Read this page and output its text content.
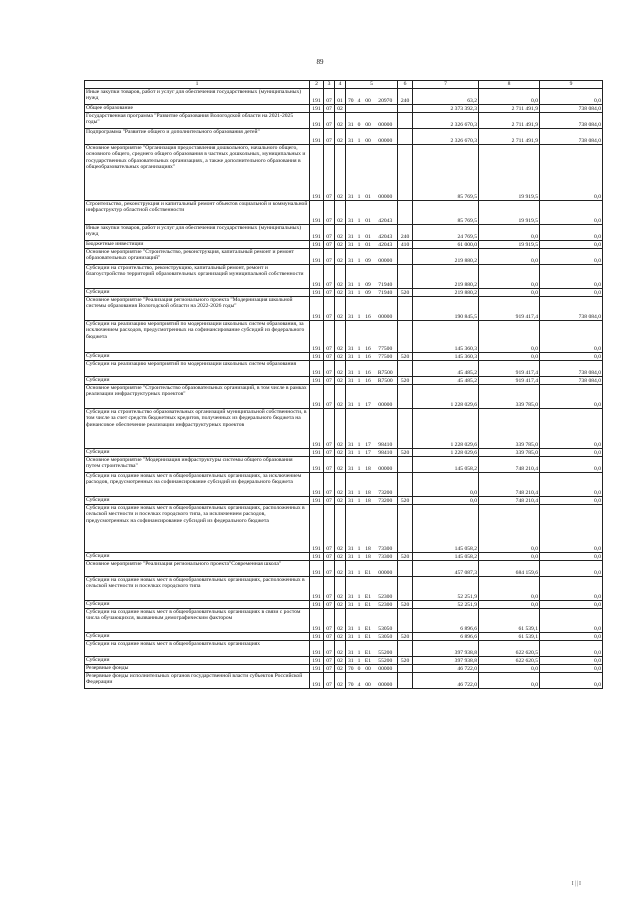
89
1	2	3	4	5				6	7	8	9
Иные закупки товаров, работ и услуг для обеспечения государственных (муниципальных) нужд	191	07	01	70	4	00	20970	240	63,2	0,0	0,0
Общее образование	191	07	02						2 373 392,3	2 711 491,9	738 084,0
Государственная программа "Развитие образования Вологодской области на 2021-2025 годы"	191	07	02	31	0	00	00000		2 326 670,3	2 711 491,9	738 084,0
Подпрограмма "Развитие общего и дополнительного образования детей"	191	07	02	31	1	00	00000		2 326 670,3	2 711 491,9	738 084,0
Основное мероприятие "Организация предоставления дошкольного, начального общего, основного общего, среднего общего образования в частных дошкольных, муниципальных и государственных образовательных организациях, а также дополнительного образования в общеобразовательных организациях"	191	07	02	31	1	01	00000		85 769,5	19 919,5	0,0
Строительство, реконструкция и капитальный ремонт объектов социальной и коммунальной инфраструктур областной собственности	191	07	02	31	1	01	42043		85 769,5	19 919,5	0,0
Иные закупки товаров, работ и услуг для обеспечения государственных (муниципальных) нужд	191	07	02	31	1	01	42043	240	24 769,5	0,0	0,0
Бюджетные инвестиции	191	07	02	31	1	01	42043	410	61 000,0	19 919,5	0,0
Основное мероприятие "Строительство, реконструкция, капитальный ремонт и ремонт образовательных организаций"	191	07	02	31	1	09	00000		219 880,2	0,0	0,0
Субсидии на строительство, реконструкцию, капитальный ремонт, ремонт и благоустройство территорий образовательных организаций муниципальной собственности	191	07	02	31	1	09	71940		219 880,2	0,0	0,0
Субсидии	191	07	02	31	1	09	71940	520	219 880,2	0,0	0,0
Основное мероприятие "Реализация регионального проекта "Модернизация школьной системы образования Вологодской области на 2022-2026 годы"	191	07	02	31	1	16	00000		190 845,5	919 417,4	738 084,0
Субсидии на реализацию мероприятий по модернизации школьных систем образования, за исключением расходов, предусмотренных на софинансирование субсидий из федерального бюджета	191	07	02	31	1	16	77500		145 360,3	0,0	0,0
Субсидии	191	07	02	31	1	16	77500	520	145 360,3	0,0	0,0
Субсидии на реализацию мероприятий по модернизации школьных систем образования	191	07	02	31	1	16	R7500		45 485,2	919 417,4	738 084,0
Субсидии	191	07	02	31	1	16	R7500	520	45 485,2	919 417,4	738 084,0
Основное мероприятие "Строительство образовательных организаций, в том числе в рамках реализации инфраструктурных проектов"	191	07	02	31	1	17	00000		1 228 029,6	339 785,0	0,0
Субсидии на строительство образовательных организаций муниципальной собственности, в том числе за счет средств бюджетных кредитов, полученных из федерального бюджета на финансовое обеспечение реализации инфраструктурных проектов	191	07	02	31	1	17	98410		1 228 029,6	339 785,0	0,0
Субсидии	191	07	02	31	1	17	98410	520	1 228 029,6	339 785,0	0,0
Основное мероприятие "Модернизация инфраструктуры системы общего образования путем строительства"	191	07	02	31	1	18	00000		145 058,2	748 210,4	0,0
Субсидии на создание новых мест в общеобразовательных организациях, за исключением расходов, предусмотренных на софинансирование субсидий из федерального бюджета	191	07	02	31	1	18	73200		0,0	748 210,4	0,0
Субсидии	191	07	02	31	1	18	73200	520	0,0	748 210,4	0,0
Субсидии на создание новых мест в общеобразовательных организациях, расположенных в сельской местности и поселках городского типа, за исключением расходов, предусмотренных на софинансирование субсидий из федерального бюджета	191	07	02	31	1	18	73300		145 058,2	0,0	0,0
Субсидии	191	07	02	31	1	18	73300	520	145 058,2	0,0	0,0
Основное мероприятие "Реализация регионального проекта"Современная школа"	191	07	02	31	1	E1	00000		457 087,3	684 159,6	0,0
Субсидии на создание новых мест в общеобразовательных организациях, расположенных в сельской местности и поселках городского типа	191	07	02	31	1	E1	52300		52 251,9	0,0	0,0
Субсидии	191	07	02	31	1	E1	52300	520	52 251,9	0,0	0,0
Субсидии на создание новых мест в общеобразовательных организациях в связи с ростом числа обучающихся, вызванным демографическим фактором	191	07	02	31	1	E1	53050		6 896,6	61 539,1	0,0
Субсидии	191	07	02	31	1	E1	53050	520	6 896,6	61 539,1	0,0
Субсидии на создание новых мест в общеобразовательных организациях	191	07	02	31	1	E1	55200		397 938,8	622 620,5	0,0
Субсидии	191	07	02	31	1	E1	55200	520	397 938,8	622 620,5	0,0
Резервные фонды	191	07	02	70	0	00	00000		46 722,0	0,0	0,0
Резервные фонды исполнительных органов государственной власти субъектов Российской Федерации	191	07	02	70	4	00	00000		46 722,0	0,0	0,0
I||I
